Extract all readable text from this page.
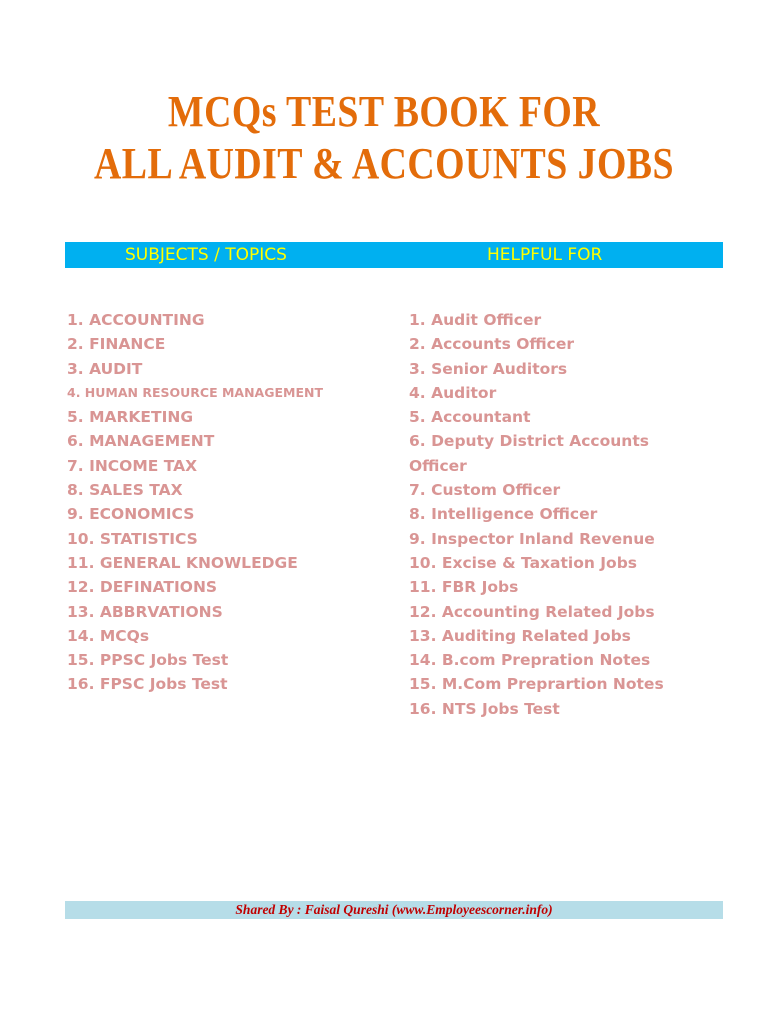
MCQs TEST BOOK FOR
ALL AUDIT & ACCOUNTS JOBS
SUBJECTS / TOPICS	HELPFUL FOR
1. ACCOUNTING
2. FINANCE
3. AUDIT
4. HUMAN RESOURCE MANAGEMENT
5. MARKETING
6. MANAGEMENT
7. INCOME TAX
8. SALES TAX
9. ECONOMICS
10. STATISTICS
11. GENERAL KNOWLEDGE
12. DEFINATIONS
13. ABBRVATIONS
14. MCQs
15. PPSC Jobs Test
16. FPSC Jobs Test
1. Audit Officer
2. Accounts Officer
3. Senior Auditors
4. Auditor
5. Accountant
6. Deputy District Accounts
Officer
7. Custom Officer
8. Intelligence Officer
9. Inspector Inland Revenue
10. Excise & Taxation Jobs
11. FBR Jobs
12. Accounting Related Jobs
13. Auditing Related Jobs
14. B.com Prepration Notes
15. M.Com Preprartion Notes
16. NTS Jobs Test
Shared By : Faisal Qureshi (www.Employeescorner.info)
